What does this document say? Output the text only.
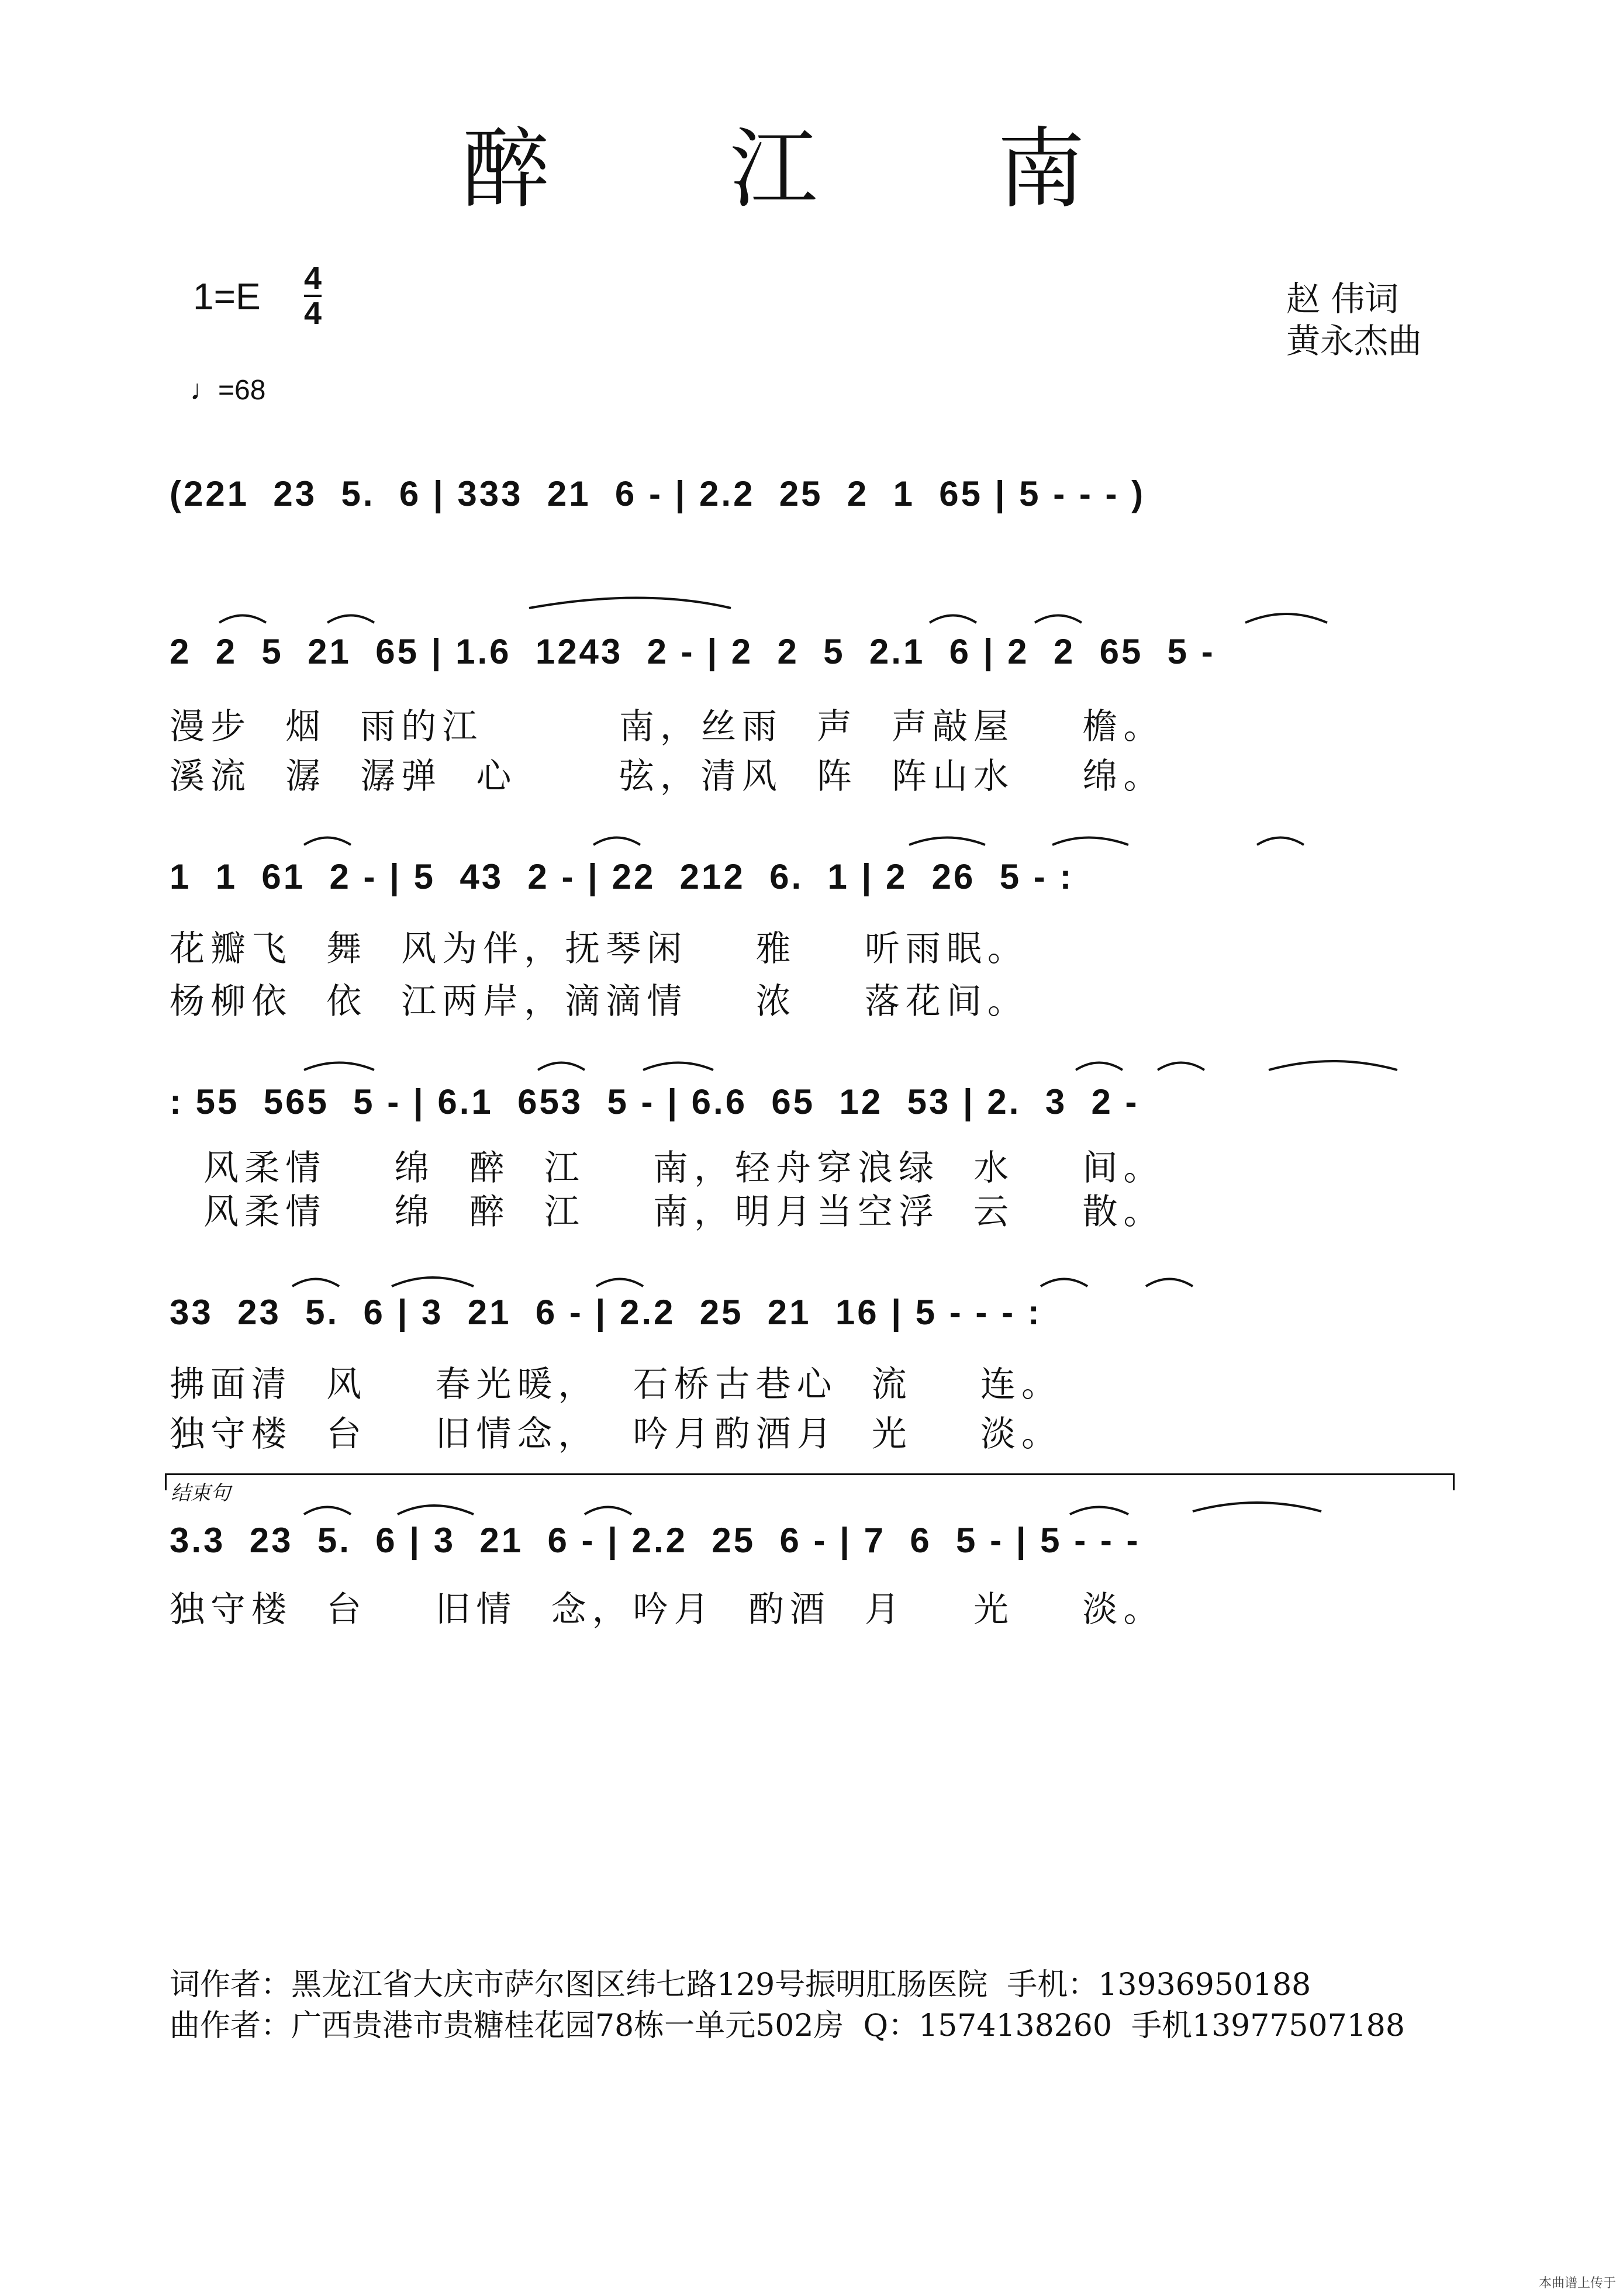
醉 江 南
1=E 4
4	赵 伟词
黄永杰曲
♩=68
(221  23  5.  6 | 333  21  6 - | 2.2  25  2  1  65 | 5 - - - )
2  2  5  21  65 | 1.6  1243  2 - | 2  2  5  2.1  6 | 2  2  65  5 -
漫步  烟  雨的江        南，丝雨  声  声敲屋    檐。
溪流  潺  潺弹  心      弦，清风  阵  阵山水    绵。
1  1  61  2 - | 5  43  2 - | 22  212  6.  1 | 2  26  5 - :
花瓣飞  舞  风为伴，抚琴闲    雅    听雨眠。
杨柳依  依  江两岸，滴滴情    浓    落花间。
: 55  565  5 - | 6.1  653  5 - | 6.6  65  12  53 | 2.  3  2 -
风柔情    绵  醉  江    南，轻舟穿浪绿  水    间。
风柔情    绵  醉  江    南，明月当空浮  云    散。
33  23  5.  6 | 3  21  6 - | 2.2  25  21  16 | 5 - - - :
拂面清  风    春光暖，  石桥古巷心  流    连。
独守楼  台    旧情念，  吟月酌酒月  光    淡。
结束句
3.3  23  5.  6 | 3  21  6 - | 2.2  25  6 - | 7  6  5 - | 5 - - -
独守楼  台    旧情  念，吟月  酌酒  月    光    淡。
词作者：黑龙江省大庆市萨尔图区纬七路129号振明肛肠医院  手机：13936950188
曲作者：广西贵港市贵糖桂花园78栋一单元502房  Q：1574138260  手机13977507188
本曲谱上传于
